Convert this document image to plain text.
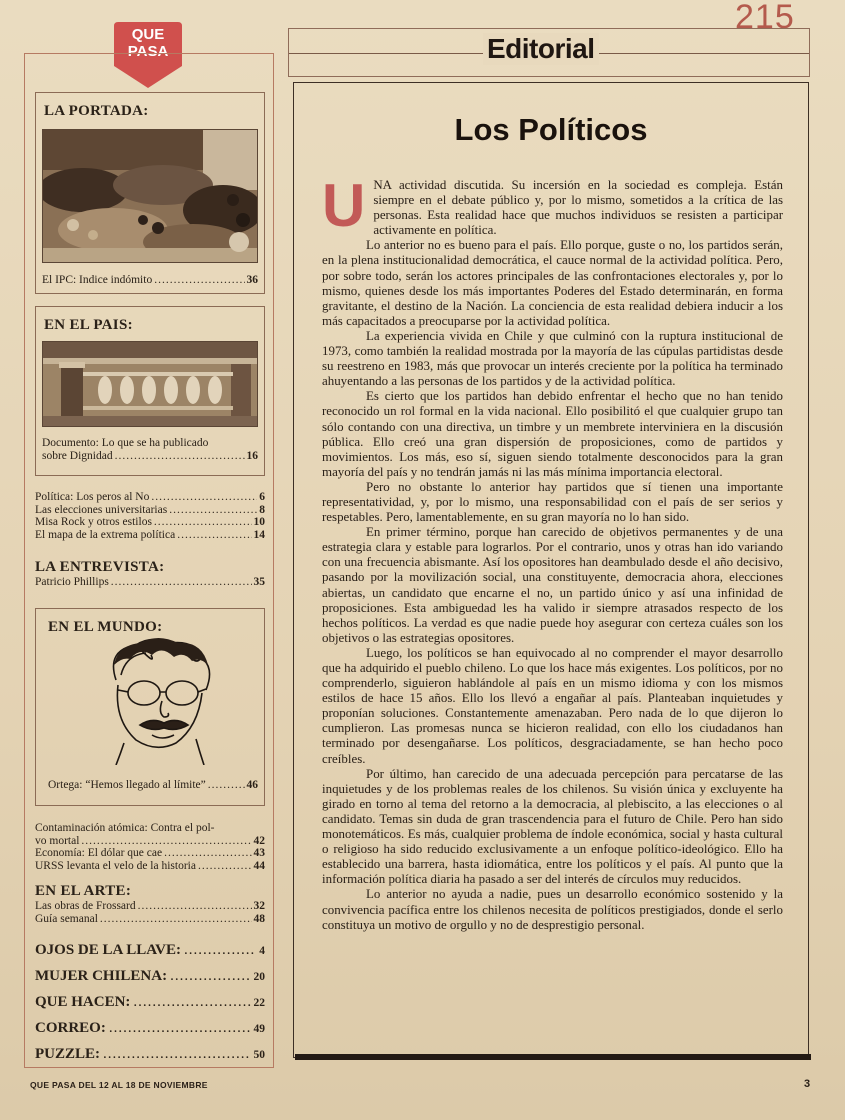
215
QUE
PASA	Editorial
LA PORTADA:
El IPC: Indice indómito .....	36
EN EL PAIS:
Documento: Lo que se ha publicado
sobre Dignidad .....	16
Política: Los peros al No .....	6
Las elecciones universitarias .....	8
Misa Rock y otros estilos .....	10
El mapa de la extrema política .....	14
LA ENTREVISTA:
Patricio Phillips .....	35
EN EL MUNDO:
Ortega: “Hemos llegado al límite” .....	46
Contaminación atómica: Contra el pol-
vo mortal .....	42
Economía: El dólar que cae .....	43
URSS levanta el velo de la historia .....	44
EN EL ARTE:
Las obras de Frossard .....	32
Guía semanal .....	48
OJOS DE LA LLAVE: .....	4
MUJER CHILENA: .....	20
QUE HACEN: .....	22
CORREO: .....	49
PUZZLE: .....	50
Los Políticos

UNA actividad discutida. Su incersión en la sociedad es compleja. Están siempre en el debate público y, por lo mismo, sometidos a la crítica de las personas. Esta realidad hace que muchos individuos se resisten a participar activamente en política.

Lo anterior no es bueno para el país. Ello porque, guste o no, los partidos serán, en la plena institucionalidad democrática, el cauce normal de la actividad política. Pero, por sobre todo, serán los actores principales de las confrontaciones electorales y, por lo mismo, quienes desde los más importantes Poderes del Estado determinarán, en forma gravitante, el destino de la Nación. La conciencia de esta realidad debiera inducir a los más capacitados a preocuparse por la actividad política.

La experiencia vivida en Chile y que culminó con la ruptura institucional de 1973, como también la realidad mostrada por la mayoría de las cúpulas partidistas desde su reestreno en 1983, más que provocar un interés creciente por la política ha terminado ahuyentando a las personas de los partidos y de la actividad política.

Es cierto que los partidos han debido enfrentar el hecho que no han tenido reconocido un rol formal en la vida nacional. Ello posibilitó el que cualquier grupo tan sólo contando con una directiva, un timbre y un membrete interviniera en la discusión pública. Ello creó una gran dispersión de proposiciones, como de partidos y movimientos. Los más, eso sí, siguen siendo totalmente desconocidos para la gran mayoría del país y no tendrán jamás ni las más mínima importancia electoral.

Pero no obstante lo anterior hay partidos que sí tienen una importante representatividad, y, por lo mismo, una responsabilidad con el país de ser serios y respetables. Pero, lamentablemente, en su gran mayoría no lo han sido.

En primer término, porque han carecido de objetivos permanentes y de una estrategia clara y estable para lograrlos. Por el contrario, unos y otras han ido variando con una frecuencia abismante. Así los opositores han deambulado desde el año decisivo, pasando por la movilización social, una constituyente, democracia ahora, elecciones abiertas, un candidato que encarne el no, un partido único y así una infinidad de proposiciones. Esta ambiguedad les ha valido ir siempre atrasados respecto de los hechos políticos. La verdad es que nadie puede hoy asegurar con certeza cuáles son los objetivos o las estrategias opositores.

Luego, los políticos se han equivocado al no comprender el mayor desarrollo que ha adquirido el pueblo chileno. Lo que los hace más exigentes. Los políticos, por no comprenderlo, siguieron hablándole al país en un mismo idioma y con los mismos estilos de hace 15 años. Ello los llevó a engañar al país. Planteaban inquietudes y proponían soluciones. Constantemente amenazaban. Pero nada de lo que dijeron lo cumplieron. Las promesas nunca se hicieron realidad, con ello los ciudadanos han terminado por desengañarse. Los políticos, desgraciadamente, se han hecho poco creíbles.

Por último, han carecido de una adecuada percepción para percatarse de las inquietudes y de los problemas reales de los chilenos. Su visión única y excluyente ha girado en torno al tema del retorno a la democracia, al plebiscito, a las elecciones o al candidato. Temas sin duda de gran trascendencia para el futuro de Chile. Pero han sido monotemáticos. Es más, cualquier problema de índole económica, social y hasta cultural o religioso ha sido reducido exclusivamente a un enfoque político-ideológico. Ello ha establecido una barrera, hasta idiomática, entre los políticos y el país. Al punto que la información política diaria ha pasado a ser del interés de círculos muy reducidos.

Lo anterior no ayuda a nadie, pues un desarrollo económico sostenido y la convivencia pacífica entre los chilenos necesita de políticos prestigiados, donde el serlo constituya un motivo de orgullo y no de desprestigio personal.

QUE PASA DEL 12 AL 18 DE NOVIEMBRE	3
